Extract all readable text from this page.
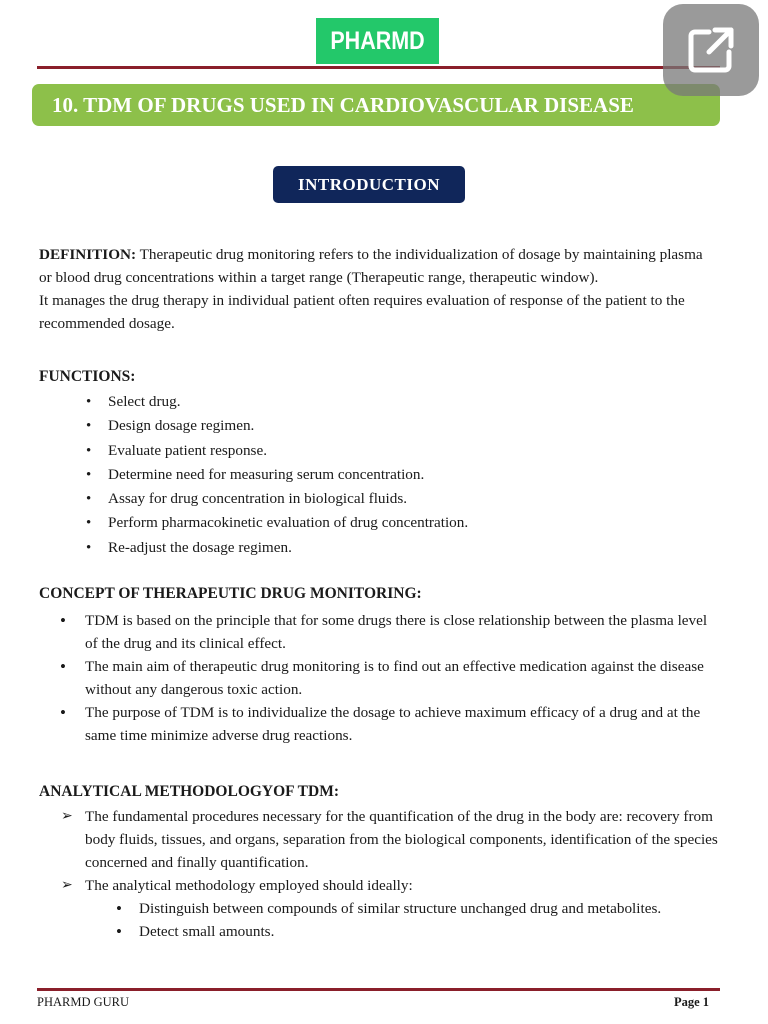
PHARMD
10. TDM OF DRUGS USED IN CARDIOVASCULAR DISEASE
INTRODUCTION

DEFINITION: Therapeutic drug monitoring refers to the individualization of dosage by maintaining plasma or blood drug concentrations within a target range (Therapeutic range, therapeutic window).

It manages the drug therapy in individual patient often requires evaluation of response of the patient to the recommended dosage.

FUNCTIONS:

• Select drug.
• Design dosage regimen.
• Evaluate patient response.
• Determine need for measuring serum concentration.
• Assay for drug concentration in biological fluids.
• Perform pharmacokinetic evaluation of drug concentration.
• Re-adjust the dosage regimen.

CONCEPT OF THERAPEUTIC DRUG MONITORING:

• TDM is based on the principle that for some drugs there is close relationship between the plasma level of the drug and its clinical effect.
• The main aim of therapeutic drug monitoring is to find out an effective medication against the disease without any dangerous toxic action.
• The purpose of TDM is to individualize the dosage to achieve maximum efficacy of a drug and at the same time minimize adverse drug reactions.

ANALYTICAL METHODOLOGYOF TDM:

➢ The fundamental procedures necessary for the quantification of the drug in the body are: recovery from body fluids, tissues, and organs, separation from the biological components, identification of the species concerned and finally quantification.
➢ The analytical methodology employed should ideally:
• Distinguish between compounds of similar structure unchanged drug and metabolites.
• Detect small amounts.
PHARMD GURU	Page 1
